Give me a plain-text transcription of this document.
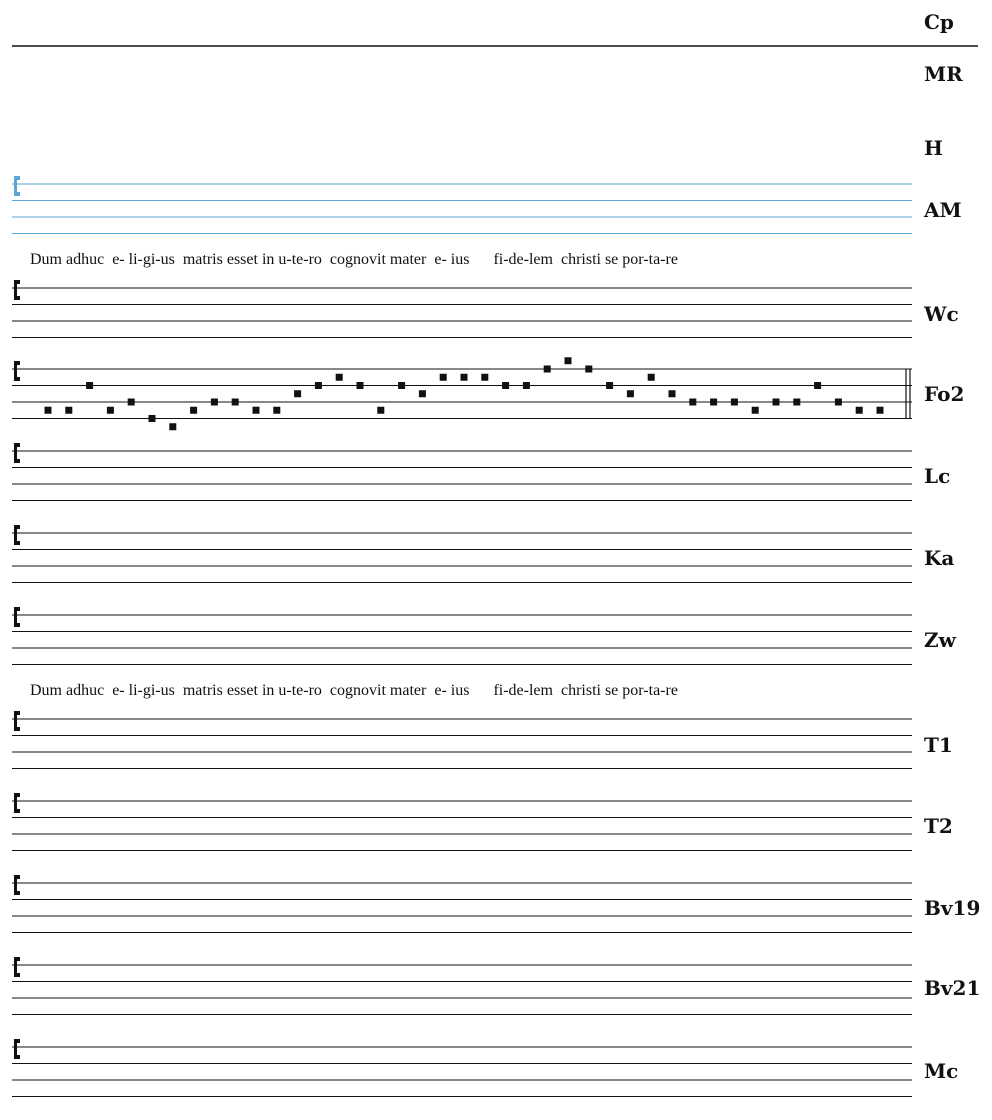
Cp
MR
H
AM
Wc
Fo2
Lc
Ka
Zw
T1
T2
Bv19
Bv21
Mc
Dum adhuc  e- li-gi-us  matris esset in u-te-ro  cognovit mater  e- ius      fi-de-lem  christi se por-ta-re
Dum adhuc  e- li-gi-us  matris esset in u-te-ro  cognovit mater  e- ius      fi-de-lem  christi se por-ta-re
